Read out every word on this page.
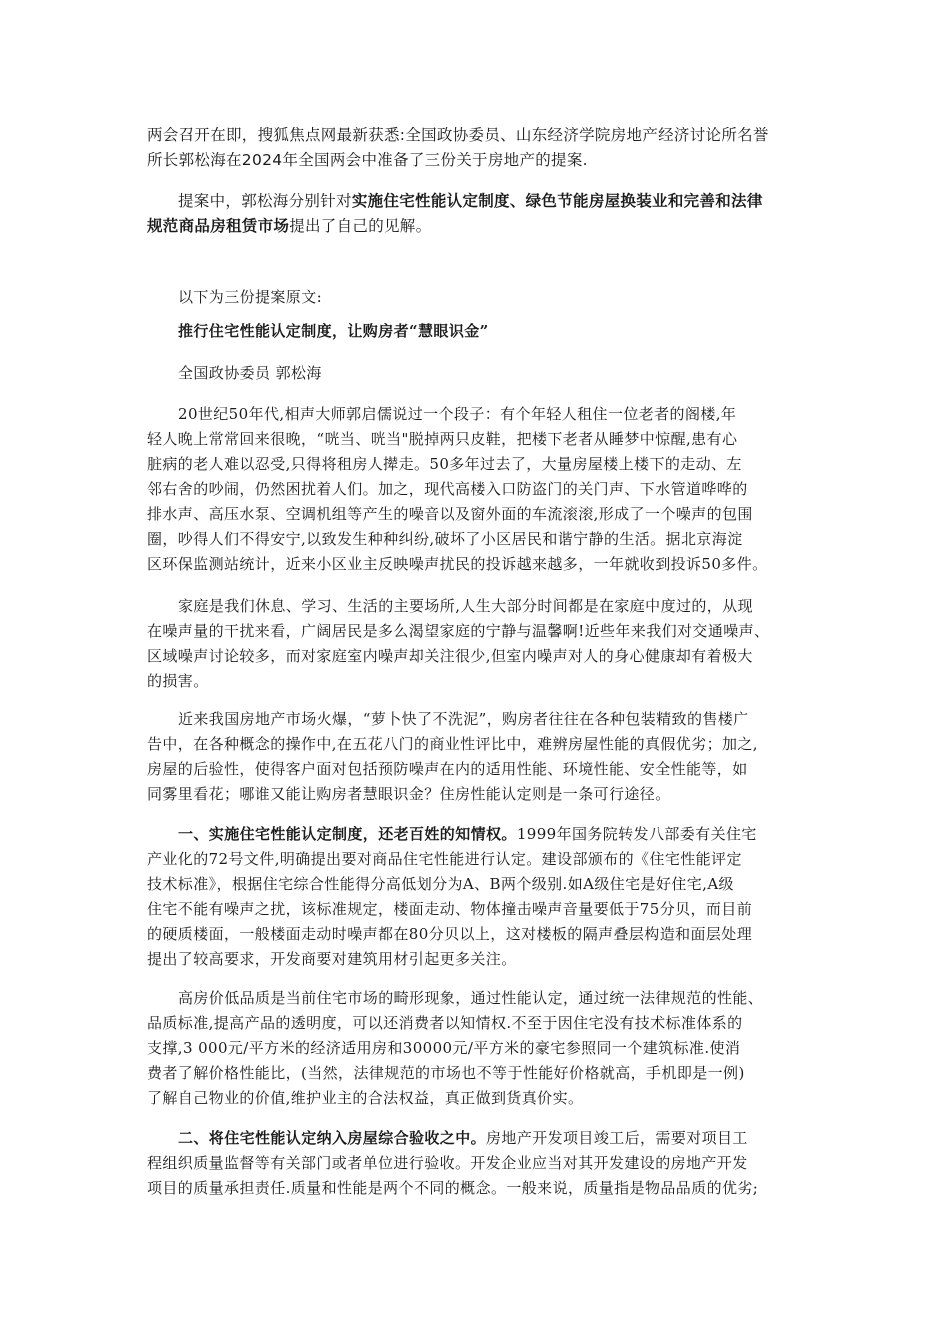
两会召开在即，搜狐焦点网最新获悉:全国政协委员、山东经济学院房地产经济讨论所名誉
所长郭松海在2024年全国两会中准备了三份关于房地产的提案.
提案中，郭松海分别针对实施住宅性能认定制度、绿色节能房屋换装业和完善和法律
规范商品房租赁市场提出了自己的见解。
以下为三份提案原文:
推行住宅性能认定制度，让购房者“慧眼识金”
全国政协委员 郭松海
20世纪50年代,相声大师郭启儒说过一个段子：有个年轻人租住一位老者的阁楼,年
轻人晚上常常回来很晚，“咣当、咣当"脱掉两只皮鞋，把楼下老者从睡梦中惊醒,患有心
脏病的老人难以忍受,只得将租房人撵走。50多年过去了，大量房屋楼上楼下的走动、左
邻右舍的吵闹，仍然困扰着人们。加之，现代高楼入口防盗门的关门声、下水管道哗哗的
排水声、高压水泵、空调机组等产生的噪音以及窗外面的车流滚滚,形成了一个噪声的包围
圈，吵得人们不得安宁,以致发生种种纠纷,破坏了小区居民和谐宁静的生活。据北京海淀
区环保监测站统计，近来小区业主反映噪声扰民的投诉越来越多，一年就收到投诉50多件。
家庭是我们休息、学习、生活的主要场所,人生大部分时间都是在家庭中度过的，从现
在噪声量的干扰来看，广阔居民是多么渴望家庭的宁静与温馨啊!近些年来我们对交通噪声、
区域噪声讨论较多，而对家庭室内噪声却关注很少,但室内噪声对人的身心健康却有着极大
的损害。
近来我国房地产市场火爆，“萝卜快了不洗泥”，购房者往往在各种包装精致的售楼广
告中，在各种概念的操作中,在五花八门的商业性评比中，难辨房屋性能的真假优劣；加之,
房屋的后验性，使得客户面对包括预防噪声在内的适用性能、环境性能、安全性能等，如
同雾里看花；哪谁又能让购房者慧眼识金？住房性能认定则是一条可行途径。
一、实施住宅性能认定制度，还老百姓的知情权。1999年国务院转发八部委有关住宅
产业化的72号文件,明确提出要对商品住宅性能进行认定。建设部颁布的《住宅性能评定
技术标准》，根据住宅综合性能得分高低划分为A、B两个级别.如A级住宅是好住宅,A级
住宅不能有噪声之扰，该标准规定，楼面走动、物体撞击噪声音量要低于75分贝，而目前
的硬质楼面，一般楼面走动时噪声都在80分贝以上，这对楼板的隔声叠层构造和面层处理
提出了较高要求，开发商要对建筑用材引起更多关注。
高房价低品质是当前住宅市场的畸形现象，通过性能认定，通过统一法律规范的性能、
品质标准,提高产品的透明度，可以还消费者以知情权.不至于因住宅没有技术标准体系的
支撑,3 000元/平方米的经济适用房和30000元/平方米的豪宅参照同一个建筑标准.使消
费者了解价格性能比，(当然，法律规范的市场也不等于性能好价格就高，手机即是一例)
了解自己物业的价值,维护业主的合法权益，真正做到货真价实。
二、将住宅性能认定纳入房屋综合验收之中。房地产开发项目竣工后，需要对项目工
程组织质量监督等有关部门或者单位进行验收。开发企业应当对其开发建设的房地产开发
项目的质量承担责任.质量和性能是两个不同的概念。一般来说，质量指是物品品质的优劣;
